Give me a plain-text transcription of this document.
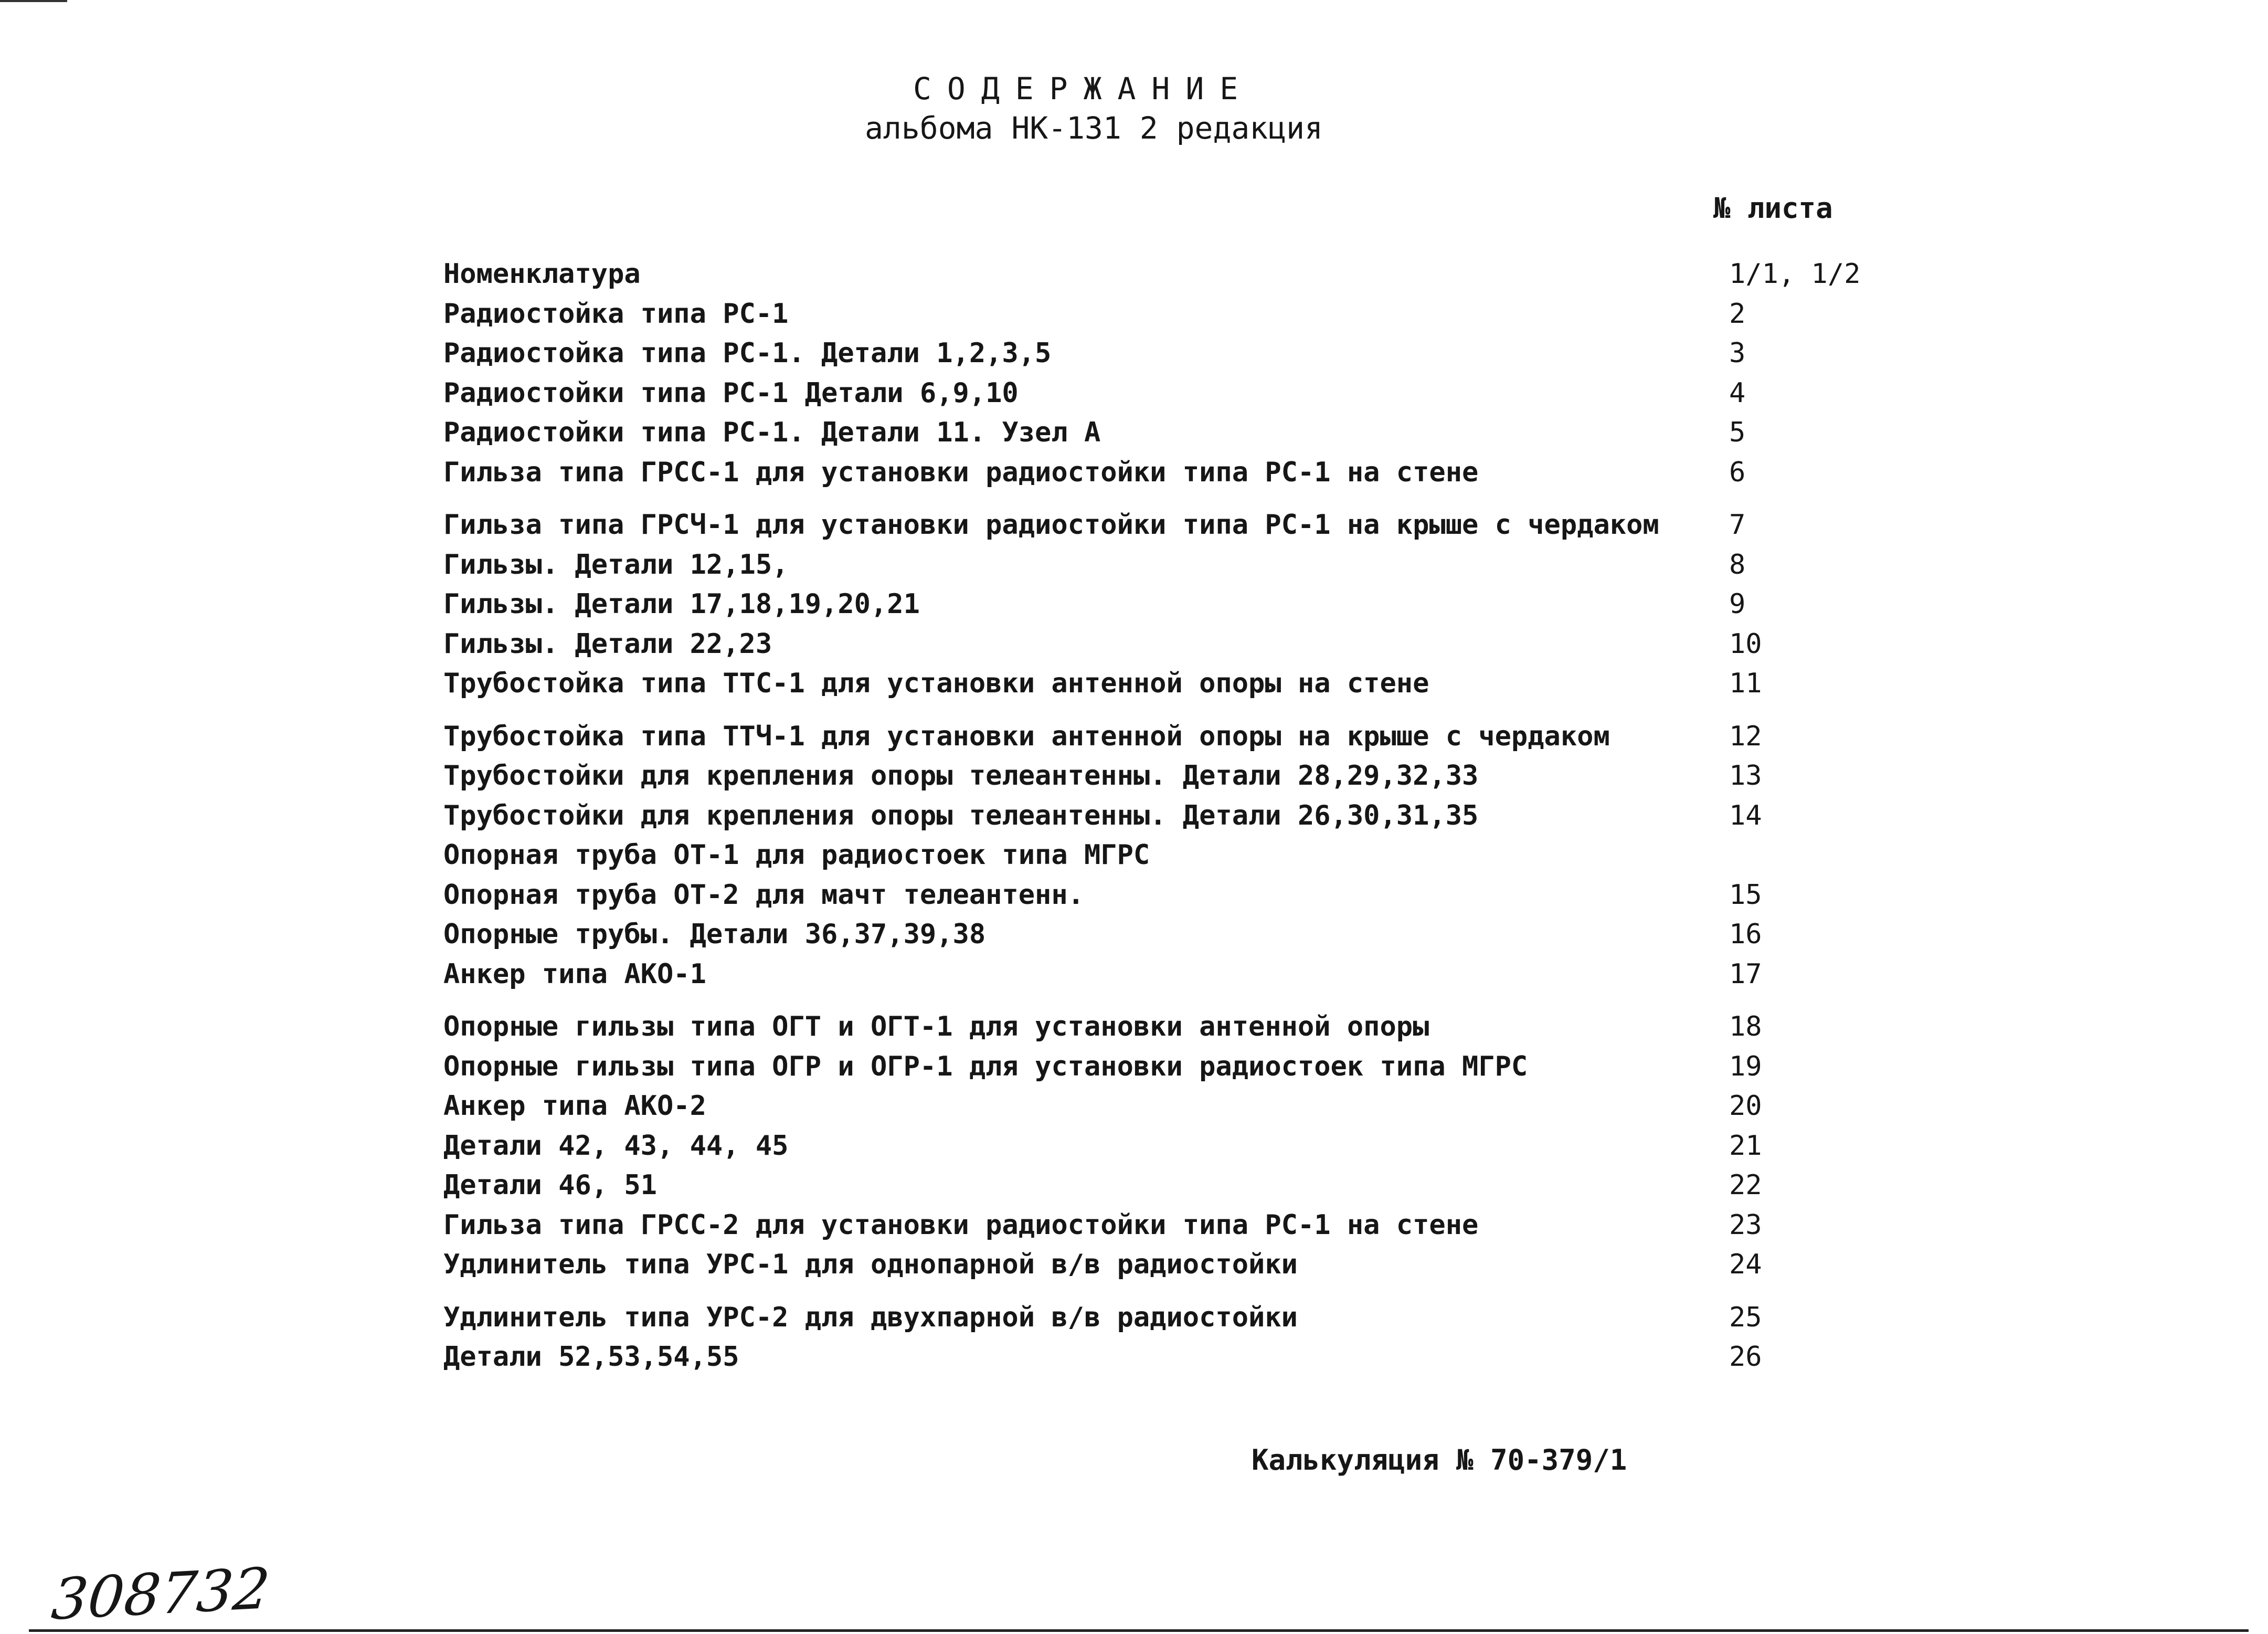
СОДЕРЖАНИЕ
альбома НК-131 2 редакция
№ листа
Номенклатура	1/1, 1/2
Радиостойка типа PC-1	2
Радиостойка типа PC-1. Детали 1,2,3,5	3
Радиостойки типа PC-1 Детали 6,9,10	4
Радиостойки типа PC-1. Детали 11. Узел А	5
Гильза типа ГРСС-1 для установки радиостойки типа PC-1 на стене	6
Гильза типа ГРСЧ-1 для установки радиостойки типа PC-1 на крыше с чердаком	7
Гильзы. Детали 12,15,	8
Гильзы. Детали 17,18,19,20,21	9
Гильзы. Детали 22,23	10
Трубостойка типа ТТС-1 для установки антенной опоры на стене	11
Трубостойка типа ТТЧ-1 для установки антенной опоры на крыше с чердаком	12
Трубостойки для крепления опоры телеантенны. Детали 28,29,32,33	13
Трубостойки для крепления опоры телеантенны. Детали 26,30,31,35	14
Опорная труба ОТ-1 для радиостоек типа МГРС
Опорная труба ОТ-2 для мачт телеантенн.	15
Опорные трубы. Детали 36,37,39,38	16
Анкер типа АКО-1	17
Опорные гильзы типа ОГТ и ОГТ-1 для установки антенной опоры	18
Опорные гильзы типа ОГР и ОГР-1 для установки радиостоек типа МГРС	19
Анкер типа АКО-2	20
Детали 42, 43, 44, 45	21
Детали 46, 51	22
Гильза типа ГРСС-2 для установки радиостойки типа PC-1 на стене	23
Удлинитель типа УРС-1 для однопарной в/в радиостойки	24
Удлинитель типа УРС-2 для двухпарной в/в радиостойки	25
Детали 52,53,54,55	26
Калькуляция № 70-379/1
308732
